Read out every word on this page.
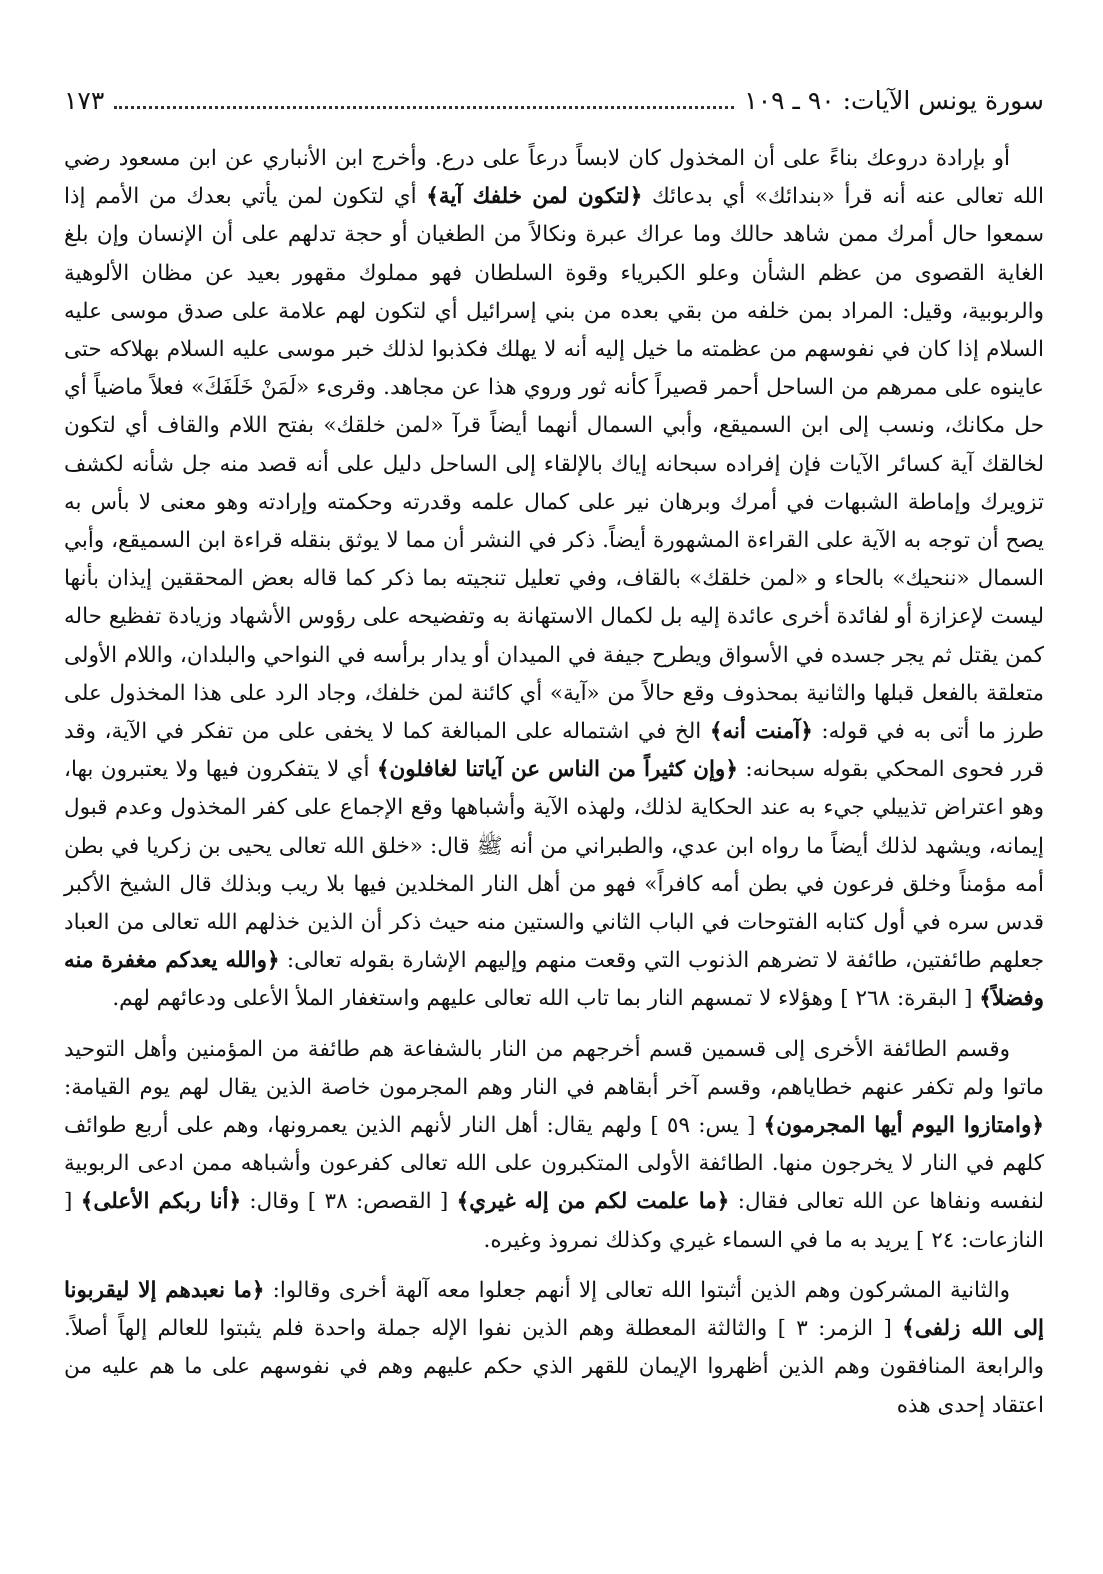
سورة يونس الآيات: ٩٠ ـ ١٠٩
١٧٣

أو بإرادة دروعك بناءً على أن المخذول كان لابساً درعاً على درع. وأخرج ابن الأنباري عن ابن مسعود رضي الله تعالى عنه أنه قرأ «بندائك» أي بدعائك ﴿لتكون لمن خلفك آية﴾ أي لتكون لمن يأتي بعدك من الأمم إذا سمعوا حال أمرك ممن شاهد حالك وما عراك عبرة ونكالاً من الطغيان أو حجة تدلهم على أن الإنسان وإن بلغ الغاية القصوى من عظم الشأن وعلو الكبرياء وقوة السلطان فهو مملوك مقهور بعيد عن مظان الألوهية والربوبية، وقيل: المراد بمن خلفه من بقي بعده من بني إسرائيل أي لتكون لهم علامة على صدق موسى عليه السلام إذا كان في نفوسهم من عظمته ما خيل إليه أنه لا يهلك فكذبوا لذلك خبر موسى عليه السلام بهلاكه حتى عاينوه على ممرهم من الساحل أحمر قصيراً كأنه ثور وروي هذا عن مجاهد. وقرىء «لَمَنْ خَلَفَكَ» فعلاً ماضياً أي حل مكانك، ونسب إلى ابن السميقع، وأبي السمال أنهما أيضاً قرآ «لمن خلقك» بفتح اللام والقاف أي لتكون لخالقك آية كسائر الآيات فإن إفراده سبحانه إياك بالإلقاء إلى الساحل دليل على أنه قصد منه جل شأنه لكشف تزويرك وإماطة الشبهات في أمرك وبرهان نير على كمال علمه وقدرته وحكمته وإرادته وهو معنى لا بأس به يصح أن توجه به الآية على القراءة المشهورة أيضاً. ذكر في النشر أن مما لا يوثق بنقله قراءة ابن السميقع، وأبي السمال «ننحيك» بالحاء و «لمن خلقك» بالقاف، وفي تعليل تنجيته بما ذكر كما قاله بعض المحققين إيذان بأنها ليست لإعزازة أو لفائدة أخرى عائدة إليه بل لكمال الاستهانة به وتفضيحه على رؤوس الأشهاد وزيادة تفظيع حاله كمن يقتل ثم يجر جسده في الأسواق ويطرح جيفة في الميدان أو يدار برأسه في النواحي والبلدان، واللام الأولى متعلقة بالفعل قبلها والثانية بمحذوف وقع حالاً من «آية» أي كائنة لمن خلفك، وجاد الرد على هذا المخذول على طرز ما أتى به في قوله: ﴿آمنت أنه﴾ الخ في اشتماله على المبالغة كما لا يخفى على من تفكر في الآية، وقد قرر فحوى المحكي بقوله سبحانه: ﴿وإن كثيراً من الناس عن آياتنا لغافلون﴾ أي لا يتفكرون فيها ولا يعتبرون بها، وهو اعتراض تذييلي جيء به عند الحكاية لذلك، ولهذه الآية وأشباهها وقع الإجماع على كفر المخذول وعدم قبول إيمانه، ويشهد لذلك أيضاً ما رواه ابن عدي، والطبراني من أنه ﷺ قال: «خلق الله تعالى يحيى بن زكريا في بطن أمه مؤمناً وخلق فرعون في بطن أمه كافراً» فهو من أهل النار المخلدين فيها بلا ريب وبذلك قال الشيخ الأكبر قدس سره في أول كتابه الفتوحات في الباب الثاني والستين منه حيث ذكر أن الذين خذلهم الله تعالى من العباد جعلهم طائفتين، طائفة لا تضرهم الذنوب التي وقعت منهم وإليهم الإشارة بقوله تعالى: ﴿والله يعدكم مغفرة منه وفضلاً﴾ [ البقرة: ٢٦٨ ] وهؤلاء لا تمسهم النار بما تاب الله تعالى عليهم واستغفار الملأ الأعلى ودعائهم لهم.

وقسم الطائفة الأخرى إلى قسمين قسم أخرجهم من النار بالشفاعة هم طائفة من المؤمنين وأهل التوحيد ماتوا ولم تكفر عنهم خطاياهم، وقسم آخر أبقاهم في النار وهم المجرمون خاصة الذين يقال لهم يوم القيامة: ﴿وامتازوا اليوم أيها المجرمون﴾ [ يس: ٥٩ ] ولهم يقال: أهل النار لأنهم الذين يعمرونها، وهم على أربع طوائف كلهم في النار لا يخرجون منها. الطائفة الأولى المتكبرون على الله تعالى كفرعون وأشباهه ممن ادعى الربوبية لنفسه ونفاها عن الله تعالى فقال: ﴿ما علمت لكم من إله غيري﴾ [ القصص: ٣٨ ] وقال: ﴿أنا ربكم الأعلى﴾ [ النازعات: ٢٤ ] يريد به ما في السماء غيري وكذلك نمروذ وغيره.

والثانية المشركون وهم الذين أثبتوا الله تعالى إلا أنهم جعلوا معه آلهة أخرى وقالوا: ﴿ما نعبدهم إلا ليقربونا إلى الله زلفى﴾ [ الزمر: ٣ ] والثالثة المعطلة وهم الذين نفوا الإله جملة واحدة فلم يثبتوا للعالم إلهاً أصلاً. والرابعة المنافقون وهم الذين أظهروا الإيمان للقهر الذي حكم عليهم وهم في نفوسهم على ما هم عليه من اعتقاد إحدى هذه
